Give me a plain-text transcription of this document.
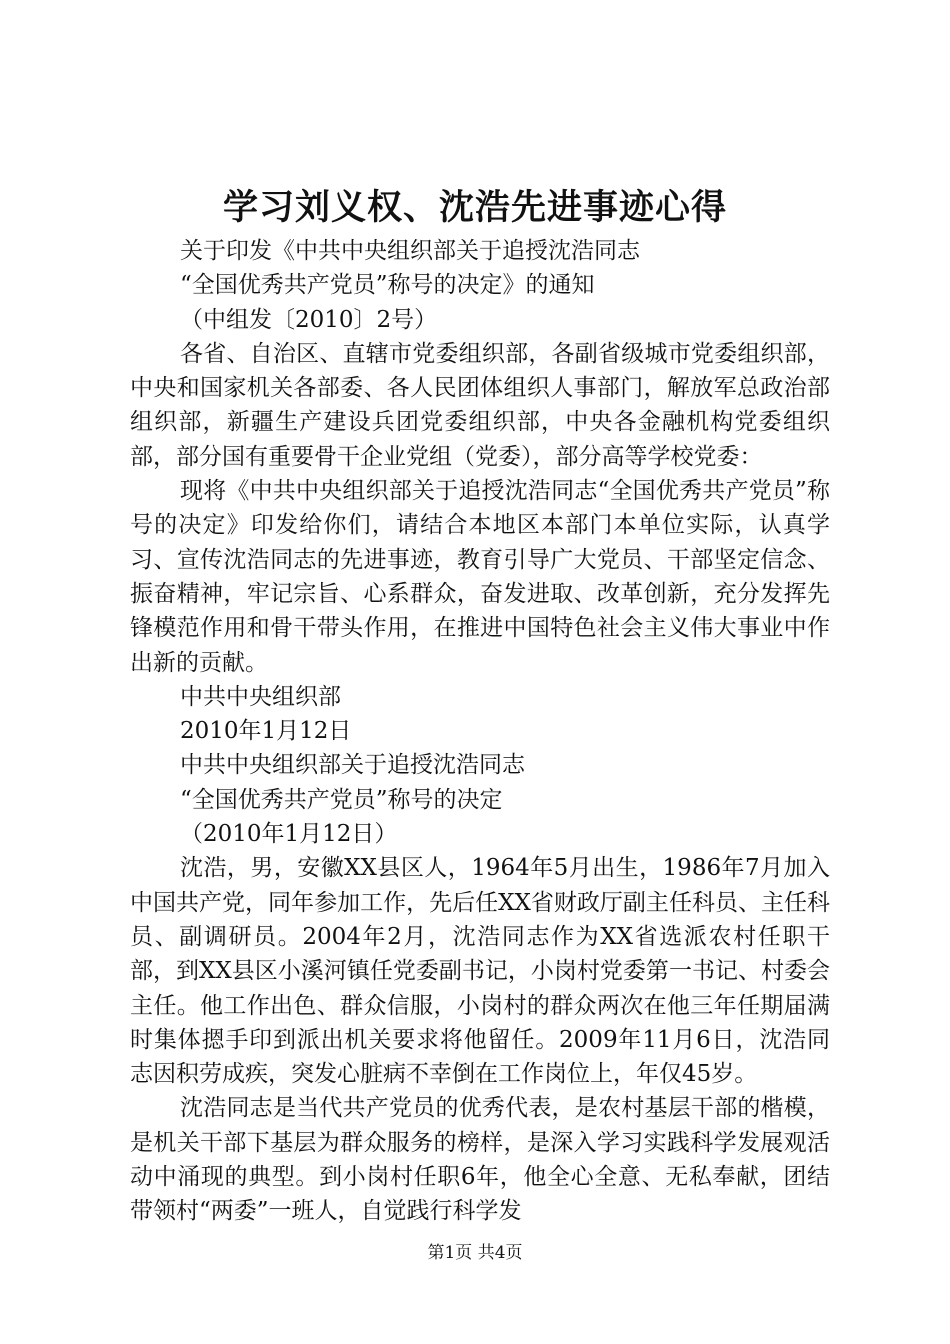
学习刘义权、沈浩先进事迹心得

关于印发《中共中央组织部关于追授沈浩同志

“全国优秀共产党员”称号的决定》的通知

（中组发〔2010〕2号）

各省、自治区、直辖市党委组织部，各副省级城市党委组织部，中央和国家机关各部委、各人民团体组织人事部门，解放军总政治部组织部，新疆生产建设兵团党委组织部，中央各金融机构党委组织部，部分国有重要骨干企业党组（党委），部分高等学校党委：

现将《中共中央组织部关于追授沈浩同志“全国优秀共产党员”称号的决定》印发给你们，请结合本地区本部门本单位实际，认真学习、宣传沈浩同志的先进事迹，教育引导广大党员、干部坚定信念、振奋精神，牢记宗旨、心系群众，奋发进取、改革创新，充分发挥先锋模范作用和骨干带头作用，在推进中国特色社会主义伟大事业中作出新的贡献。

中共中央组织部

2010年1月12日

中共中央组织部关于追授沈浩同志

“全国优秀共产党员”称号的决定

（2010年1月12日）

沈浩，男，安徽XX县区人，1964年5月出生，1986年7月加入中国共产党，同年参加工作，先后任XX省财政厅副主任科员、主任科员、副调研员。2004年2月，沈浩同志作为XX省选派农村任职干部，到XX县区小溪河镇任党委副书记，小岗村党委第一书记、村委会主任。他工作出色、群众信服，小岗村的群众两次在他三年任期届满时集体摁手印到派出机关要求将他留任。2009年11月6日，沈浩同志因积劳成疾，突发心脏病不幸倒在工作岗位上，年仅45岁。

沈浩同志是当代共产党员的优秀代表，是农村基层干部的楷模，是机关干部下基层为群众服务的榜样，是深入学习实践科学发展观活动中涌现的典型。到小岗村任职6年，他全心全意、无私奉献，团结带领村“两委”一班人，自觉践行科学发

第1页 共4页
